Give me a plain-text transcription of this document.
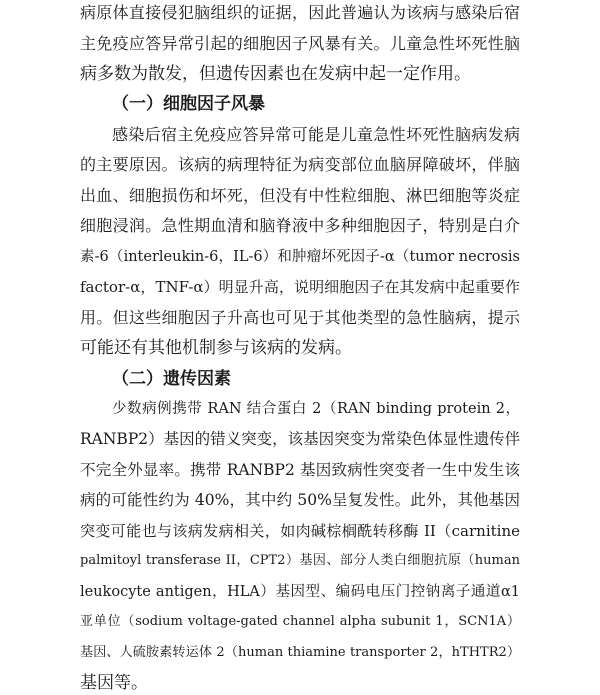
病原体直接侵犯脑组织的证据，因此普遍认为该病与感染后宿
主免疫应答异常引起的细胞因子风暴有关。儿童急性坏死性脑
病多数为散发，但遗传因素也在发病中起一定作用。
（一）细胞因子风暴
感染后宿主免疫应答异常可能是儿童急性坏死性脑病发病
的主要原因。该病的病理特征为病变部位血脑屏障破坏，伴脑
出血、细胞损伤和坏死，但没有中性粒细胞、淋巴细胞等炎症
细胞浸润。急性期血清和脑脊液中多种细胞因子，特别是白介
素-6（interleukin-6，IL-6）和肿瘤坏死因子-α（tumor necrosis
factor-α，TNF-α）明显升高，说明细胞因子在其发病中起重要作
用。但这些细胞因子升高也可见于其他类型的急性脑病，提示
可能还有其他机制参与该病的发病。
（二）遗传因素
少数病例携带 RAN 结合蛋白 2（RAN binding protein 2，
RANBP2）基因的错义突变，该基因突变为常染色体显性遗传伴
不完全外显率。携带 RANBP2 基因致病性突变者一生中发生该
病的可能性约为 40%，其中约 50%呈复发性。此外，其他基因
突变可能也与该病发病相关，如肉碱棕榈酰转移酶 II（carnitine
palmitoyl transferase II，CPT2）基因、部分人类白细胞抗原（human
leukocyte antigen，HLA）基因型、编码电压门控钠离子通道α1
亚单位（sodium voltage-gated channel alpha subunit 1，SCN1A）
基因、人硫胺素转运体 2（human thiamine transporter 2，hTHTR2）
基因等。
